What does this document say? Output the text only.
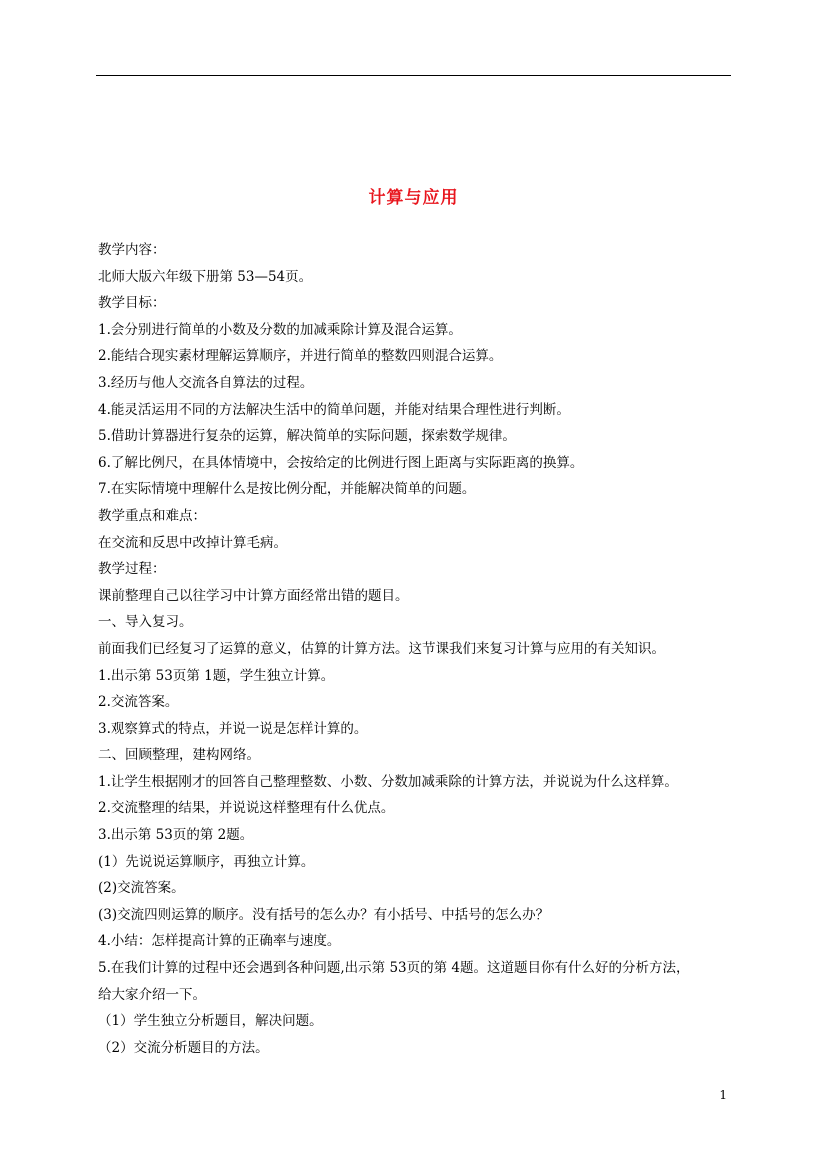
计算与应用
教学内容：
北师大版六年级下册第 53—54页。
教学目标：
1.会分别进行简单的小数及分数的加减乘除计算及混合运算。
2.能结合现实素材理解运算顺序，并进行简单的整数四则混合运算。
3.经历与他人交流各自算法的过程。
4.能灵活运用不同的方法解决生活中的简单问题，并能对结果合理性进行判断。
5.借助计算器进行复杂的运算，解决简单的实际问题，探索数学规律。
6.了解比例尺，在具体情境中，会按给定的比例进行图上距离与实际距离的换算。
7.在实际情境中理解什么是按比例分配，并能解决简单的问题。
教学重点和难点：
在交流和反思中改掉计算毛病。
教学过程：
课前整理自己以往学习中计算方面经常出错的题目。
一、导入复习。
前面我们已经复习了运算的意义，估算的计算方法。这节课我们来复习计算与应用的有关知识。
1.出示第 53页第 1题，学生独立计算。
2.交流答案。
3.观察算式的特点，并说一说是怎样计算的。
二、回顾整理，建构网络。
1.让学生根据刚才的回答自己整理整数、小数、分数加减乘除的计算方法，并说说为什么这样算。
2.交流整理的结果，并说说这样整理有什么优点。
3.出示第 53页的第 2题。
(1）先说说运算顺序，再独立计算。
(2)交流答案。
(3)交流四则运算的顺序。没有括号的怎么办？有小括号、中括号的怎么办？
4.小结：怎样提高计算的正确率与速度。
5.在我们计算的过程中还会遇到各种问题,出示第 53页的第 4题。这道题目你有什么好的分析方法，
给大家介绍一下。
（1）学生独立分析题目，解决问题。
（2）交流分析题目的方法。
1
